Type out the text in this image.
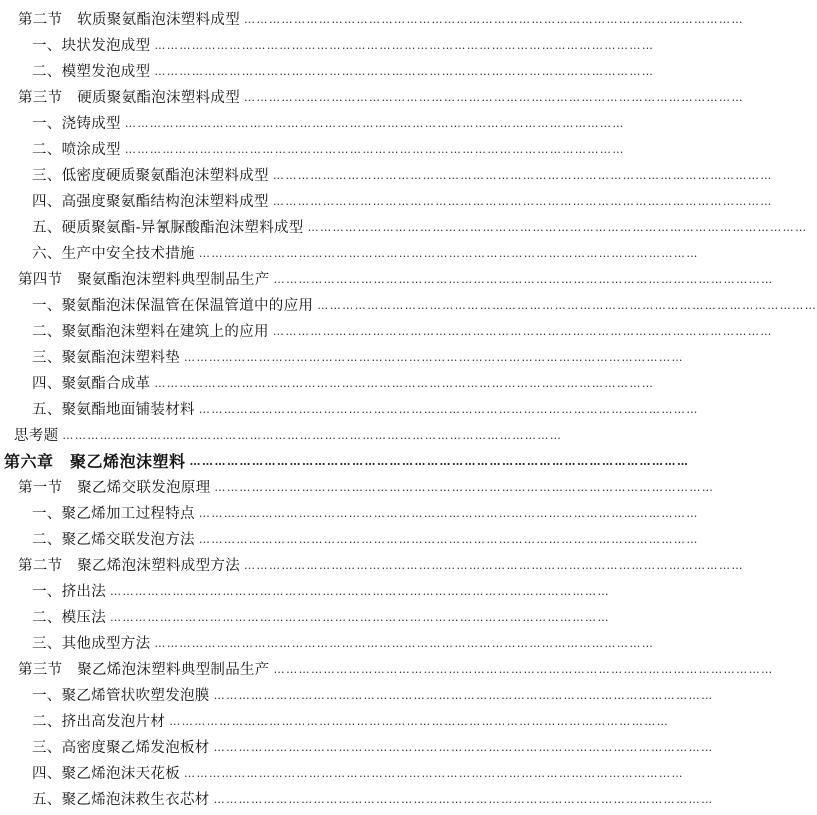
第二节　软质聚氨酯泡沫塑料成型 …………………………………………………………………………………………………………
一、块状发泡成型 …………………………………………………………………………………………………………
二、模塑发泡成型 …………………………………………………………………………………………………………
第三节　硬质聚氨酯泡沫塑料成型 …………………………………………………………………………………………………………
一、浇铸成型 …………………………………………………………………………………………………………
二、喷涂成型 …………………………………………………………………………………………………………
三、低密度硬质聚氨酯泡沫塑料成型 …………………………………………………………………………………………………………
四、高强度聚氨酯结构泡沫塑料成型 …………………………………………………………………………………………………………
五、硬质聚氨酯-异氰脲酸酯泡沫塑料成型 …………………………………………………………………………………………………………
六、生产中安全技术措施 …………………………………………………………………………………………………………
第四节　聚氨酯泡沫塑料典型制品生产 …………………………………………………………………………………………………………
一、聚氨酯泡沫保温管在保温管道中的应用 …………………………………………………………………………………………………………
二、聚氨酯泡沫塑料在建筑上的应用 …………………………………………………………………………………………………………
三、聚氨酯泡沫塑料垫 …………………………………………………………………………………………………………
四、聚氨酯合成革 …………………………………………………………………………………………………………
五、聚氨酯地面铺装材料 …………………………………………………………………………………………………………
思考题 …………………………………………………………………………………………………………
第六章　聚乙烯泡沫塑料 …………………………………………………………………………………………………………
第一节　聚乙烯交联发泡原理 …………………………………………………………………………………………………………
一、聚乙烯加工过程特点 …………………………………………………………………………………………………………
二、聚乙烯交联发泡方法 …………………………………………………………………………………………………………
第二节　聚乙烯泡沫塑料成型方法 …………………………………………………………………………………………………………
一、挤出法 …………………………………………………………………………………………………………
二、模压法 …………………………………………………………………………………………………………
三、其他成型方法 …………………………………………………………………………………………………………
第三节　聚乙烯泡沫塑料典型制品生产 …………………………………………………………………………………………………………
一、聚乙烯管状吹塑发泡膜 …………………………………………………………………………………………………………
二、挤出高发泡片材 …………………………………………………………………………………………………………
三、高密度聚乙烯发泡板材 …………………………………………………………………………………………………………
四、聚乙烯泡沫天花板 …………………………………………………………………………………………………………
五、聚乙烯泡沫救生衣芯材 …………………………………………………………………………………………………………
